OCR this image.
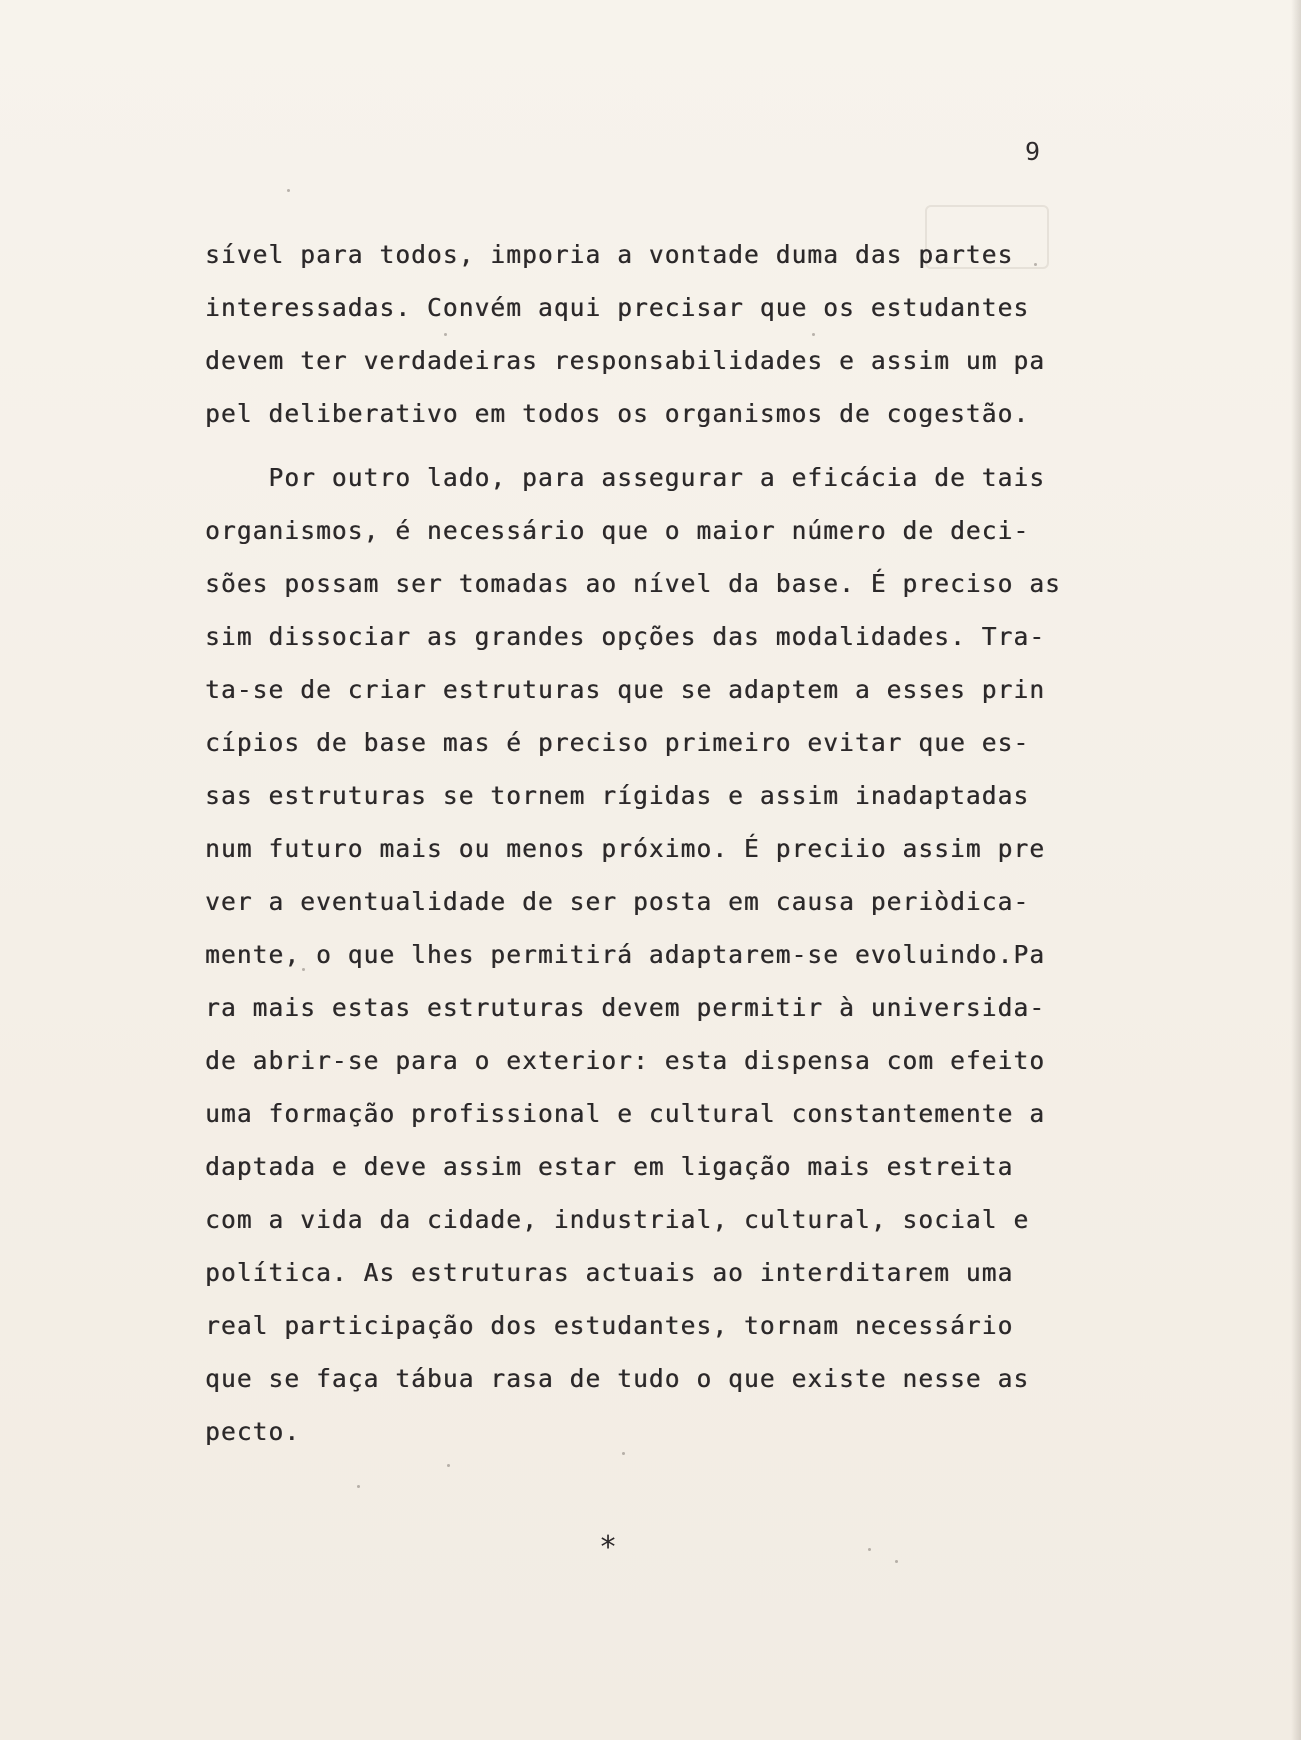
9
sível para todos, imporia a vontade duma das partes
interessadas. Convém aqui precisar que os estudantes
devem ter verdadeiras responsabilidades e assim um pa
pel deliberativo em todos os organismos de cogestão.
Por outro lado, para assegurar a eficácia de tais
organismos, é necessário que o maior número de deci-
sões possam ser tomadas ao nível da base. É preciso as
sim dissociar as grandes opções das modalidades. Tra-
ta-se de criar estruturas que se adaptem a esses prin
cípios de base mas é preciso primeiro evitar que es-
sas estruturas se tornem rígidas e assim inadaptadas
num futuro mais ou menos próximo. É preciio assim pre
ver a eventualidade de ser posta em causa periòdica-
mente, o que lhes permitirá adaptarem-se evoluindo.Pa
ra mais estas estruturas devem permitir à universida-
de abrir-se para o exterior: esta dispensa com efeito
uma formação profissional e cultural constantemente a
daptada e deve assim estar em ligação mais estreita
com a vida da cidade, industrial, cultural, social e
política. As estruturas actuais ao interditarem uma
real participação dos estudantes, tornam necessário
que se faça tábua rasa de tudo o que existe nesse as
pecto.
*
